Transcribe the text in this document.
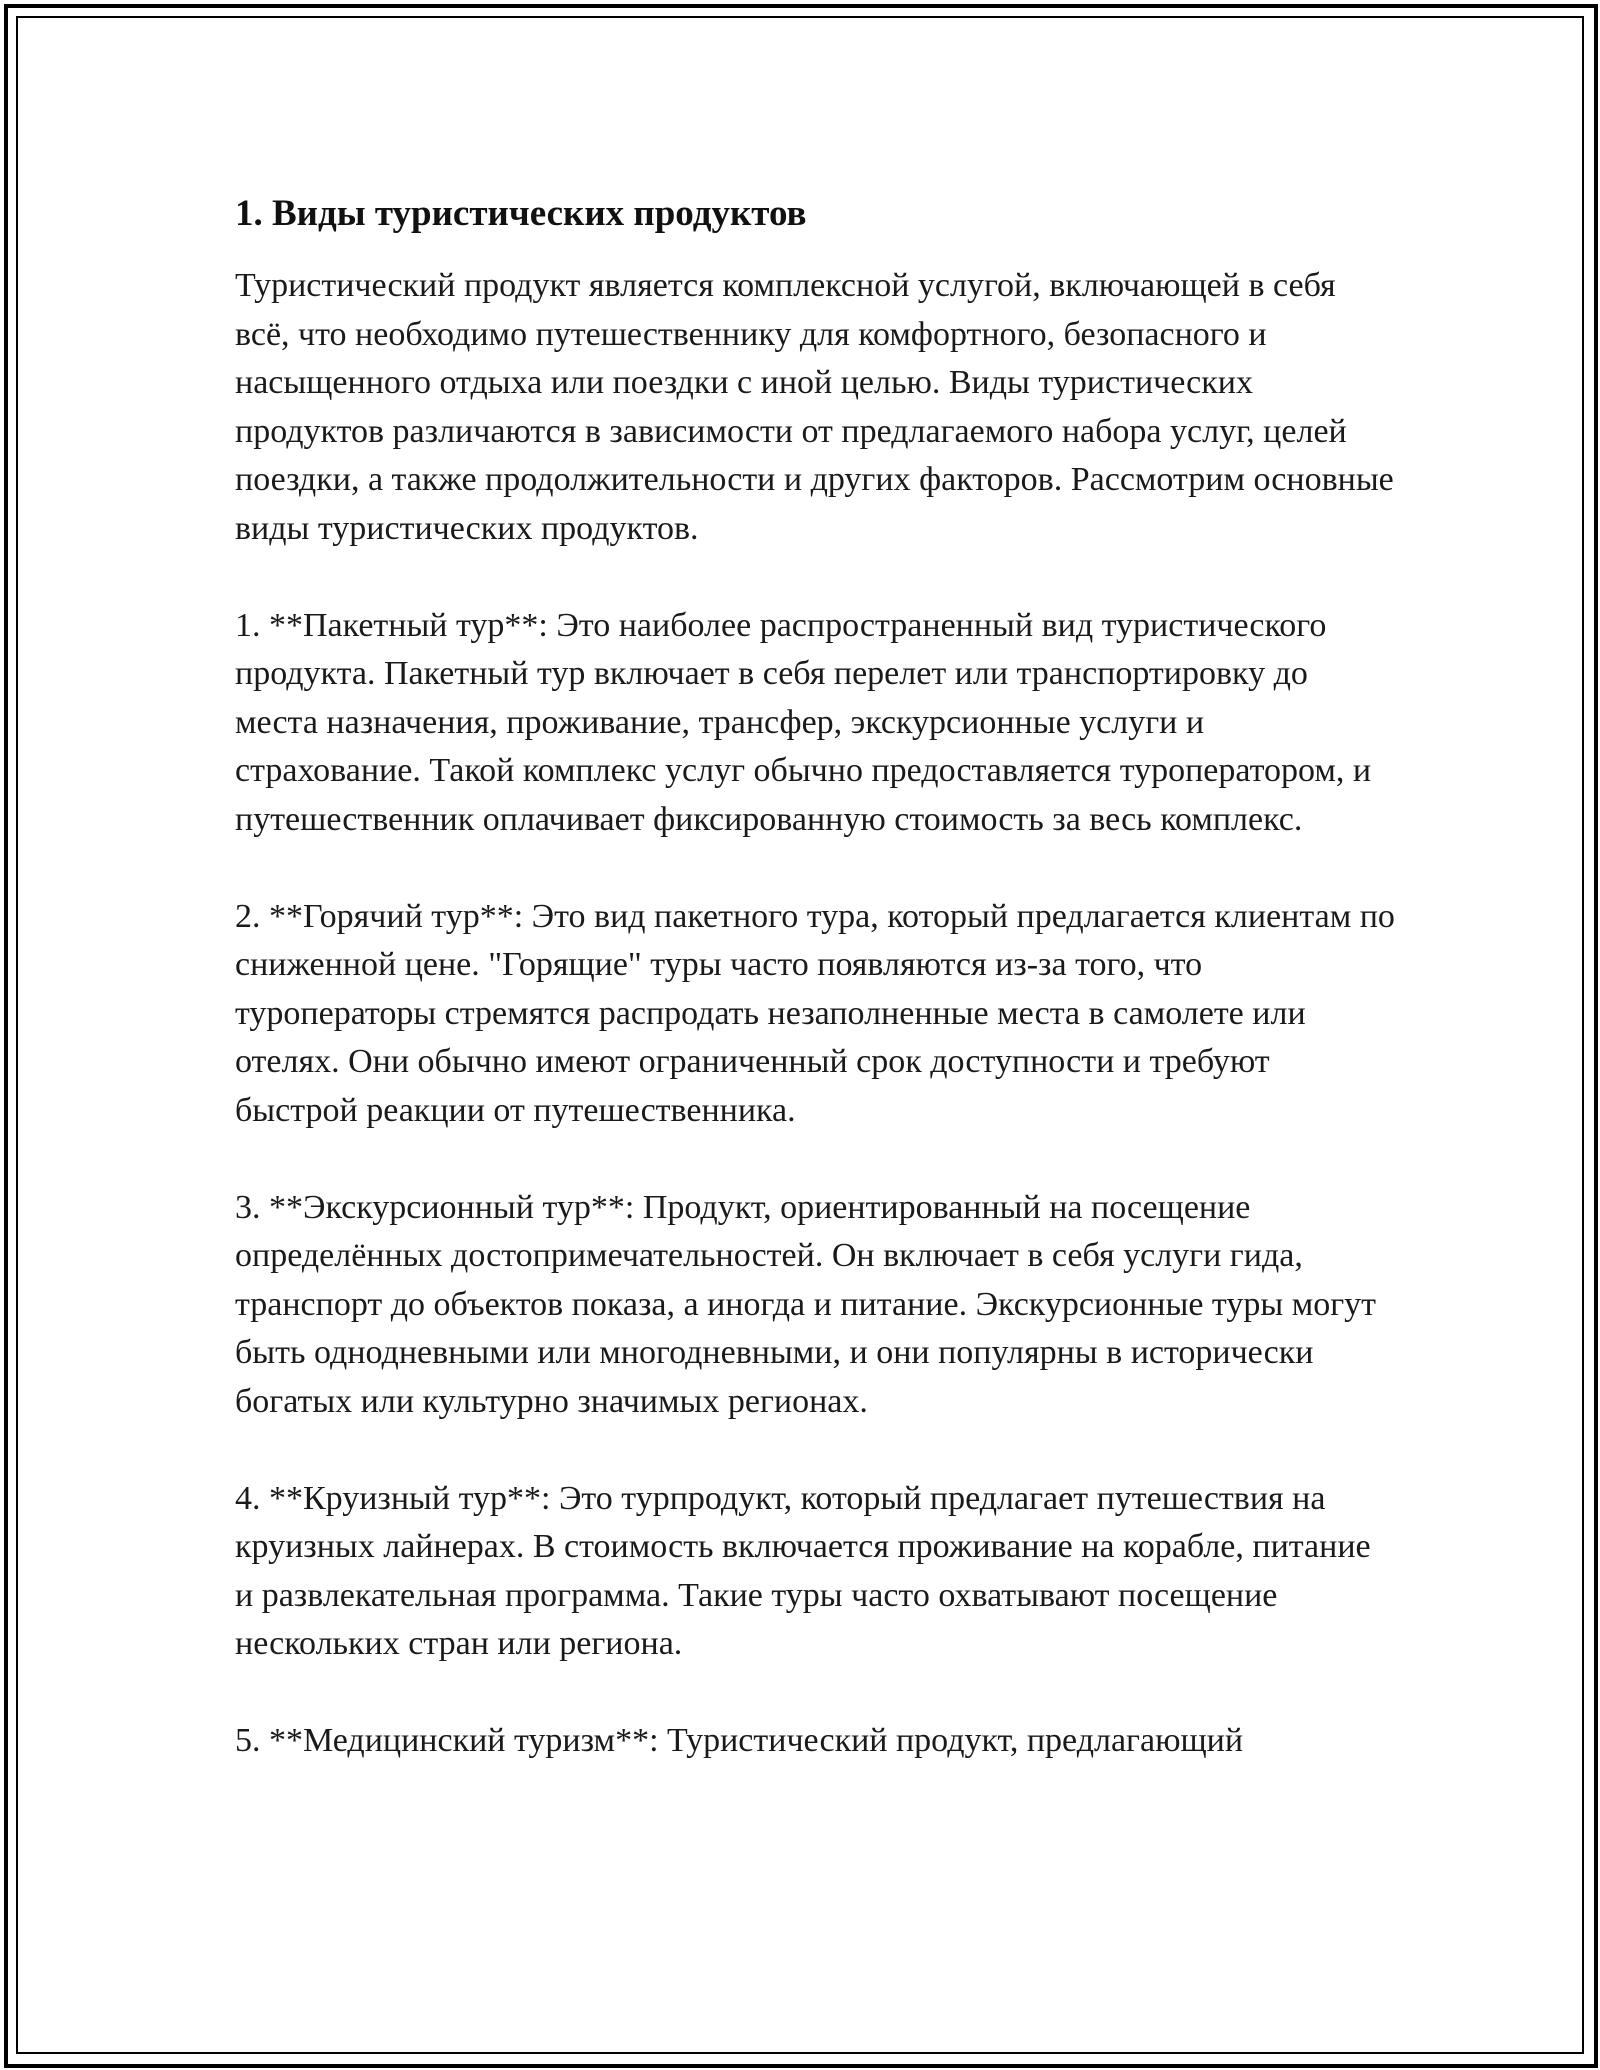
1. Виды туристических продуктов

Туристический продукт является комплексной услугой, включающей в себя всё, что необходимо путешественнику для комфортного, безопасного и насыщенного отдыха или поездки с иной целью. Виды туристических продуктов различаются в зависимости от предлагаемого набора услуг, целей поездки, а также продолжительности и других факторов. Рассмотрим основные виды туристических продуктов.

1. **Пакетный тур**: Это наиболее распространенный вид туристического продукта. Пакетный тур включает в себя перелет или транспортировку до места назначения, проживание, трансфер, экскурсионные услуги и страхование. Такой комплекс услуг обычно предоставляется туроператором, и путешественник оплачивает фиксированную стоимость за весь комплекс.

2. **Горячий тур**: Это вид пакетного тура, который предлагается клиентам по сниженной цене. "Горящие" туры часто появляются из-за того, что туроператоры стремятся распродать незаполненные места в самолете или отелях. Они обычно имеют ограниченный срок доступности и требуют быстрой реакции от путешественника.

3. **Экскурсионный тур**: Продукт, ориентированный на посещение определённых достопримечательностей. Он включает в себя услуги гида, транспорт до объектов показа, а иногда и питание. Экскурсионные туры могут быть однодневными или многодневными, и они популярны в исторически богатых или культурно значимых регионах.

4. **Круизный тур**: Это турпродукт, который предлагает путешествия на круизных лайнерах. В стоимость включается проживание на корабле, питание и развлекательная программа. Такие туры часто охватывают посещение нескольких стран или региона.

5. **Медицинский туризм**: Туристический продукт, предлагающий
